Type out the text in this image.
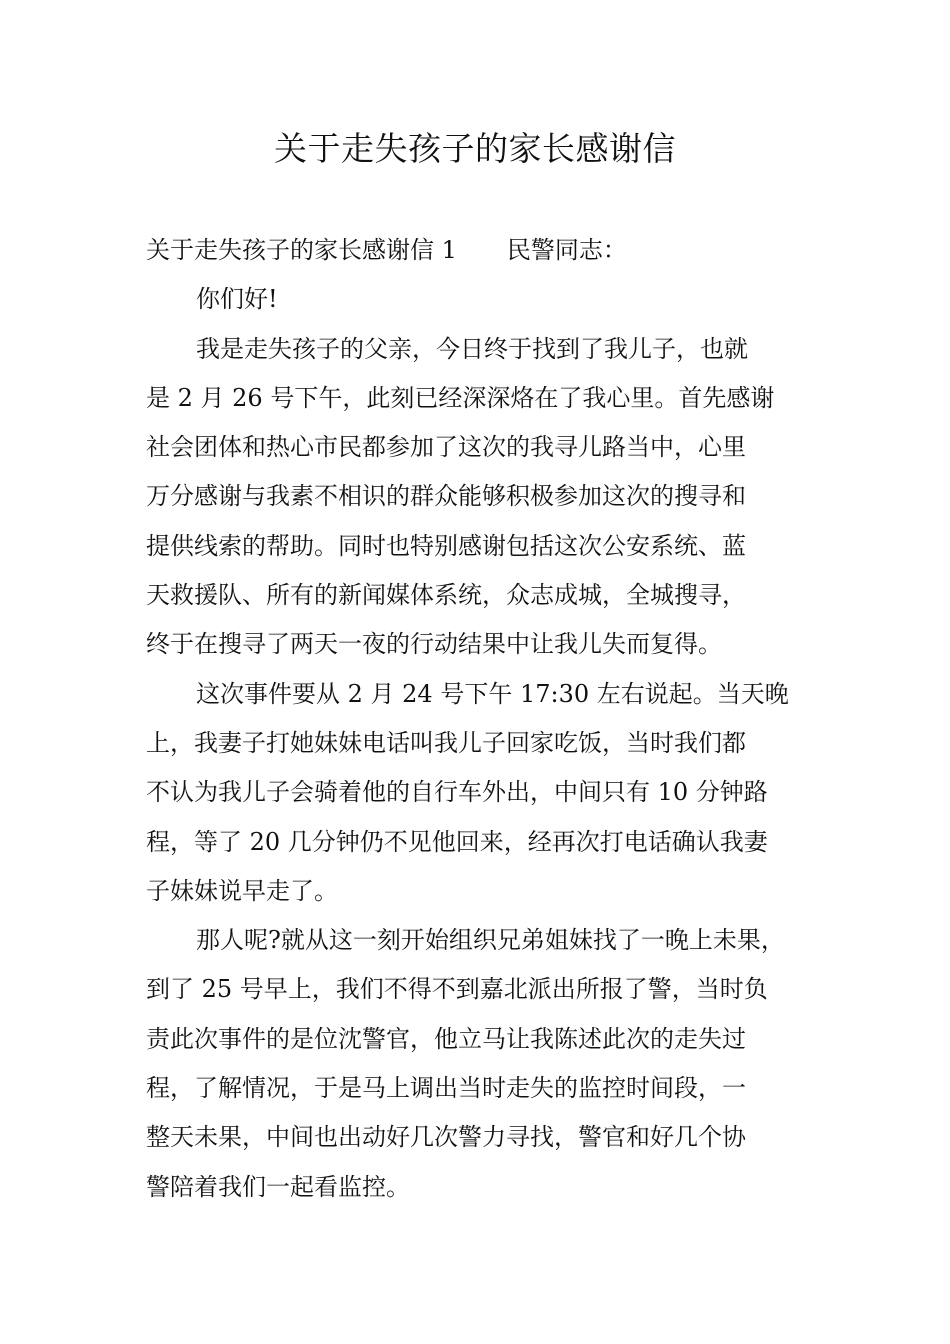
关于走失孩子的家长感谢信
关于走失孩子的家长感谢信 1 民警同志：
你们好!
我是走失孩子的父亲，今日终于找到了我儿子，也就
是 2 月 26 号下午，此刻已经深深烙在了我心里。首先感谢
社会团体和热心市民都参加了这次的我寻儿路当中，心里
万分感谢与我素不相识的群众能够积极参加这次的搜寻和
提供线索的帮助。同时也特别感谢包括这次公安系统、蓝
天救援队、所有的新闻媒体系统，众志成城，全城搜寻，
终于在搜寻了两天一夜的行动结果中让我儿失而复得。
这次事件要从 2 月 24 号下午 17:30 左右说起。当天晚
上，我妻子打她妹妹电话叫我儿子回家吃饭，当时我们都
不认为我儿子会骑着他的自行车外出，中间只有 10 分钟路
程，等了 20 几分钟仍不见他回来，经再次打电话确认我妻
子妹妹说早走了。
那人呢?就从这一刻开始组织兄弟姐妹找了一晚上未果，
到了 25 号早上，我们不得不到嘉北派出所报了警，当时负
责此次事件的是位沈警官，他立马让我陈述此次的走失过
程，了解情况，于是马上调出当时走失的监控时间段，一
整天未果，中间也出动好几次警力寻找，警官和好几个协
警陪着我们一起看监控。
